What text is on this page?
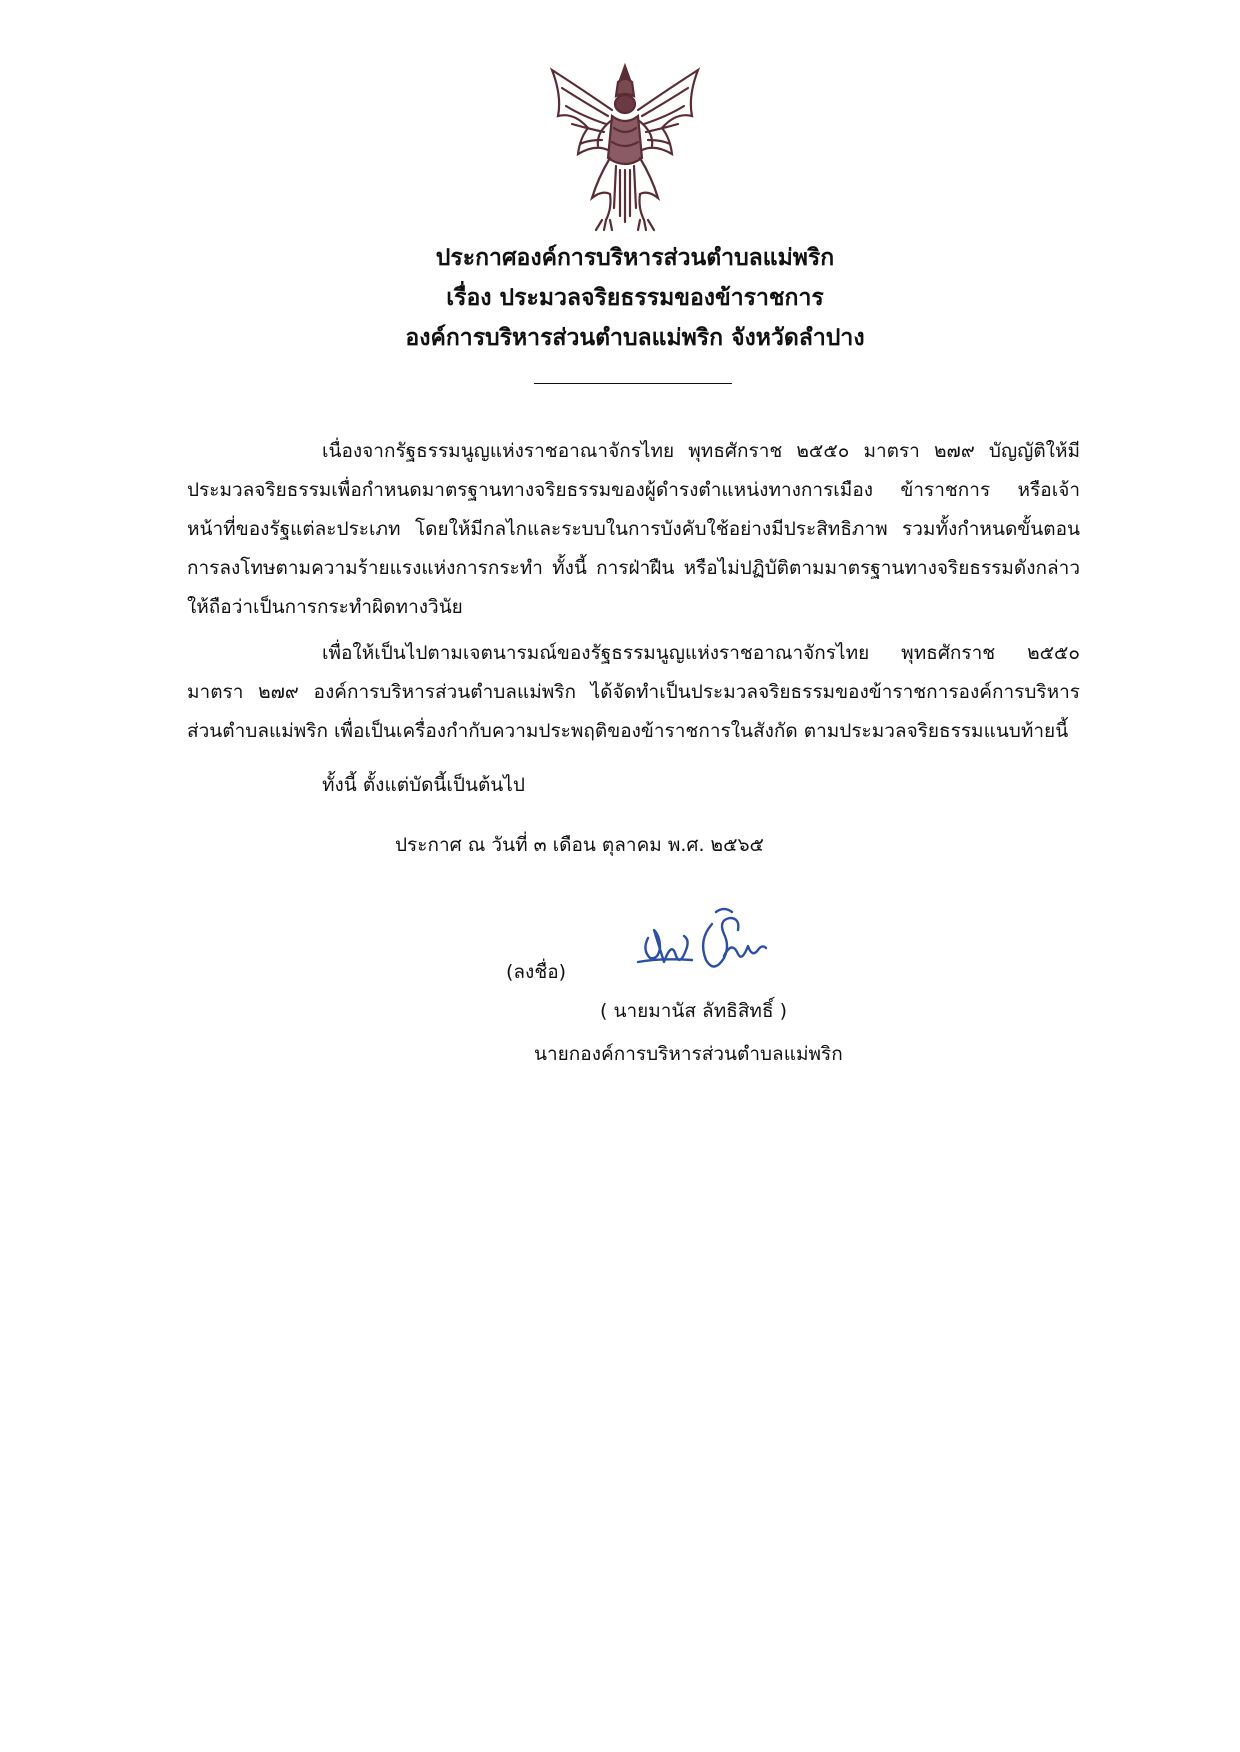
ประกาศองค์การบริหารส่วนตำบลแม่พริก
เรื่อง ประมวลจริยธรรมของข้าราชการ
องค์การบริหารส่วนตำบลแม่พริก จังหวัดลำปาง
เนื่องจากรัฐธรรมนูญแห่งราชอาณาจักรไทย พุทธศักราช ๒๕๕๐ มาตรา ๒๗๙ บัญญัติให้มีประมวลจริยธรรมเพื่อกำหนดมาตรฐานทางจริยธรรมของผู้ดำรงตำแหน่งทางการเมือง ข้าราชการ หรือเจ้าหน้าที่ของรัฐแต่ละประเภท โดยให้มีกลไกและระบบในการบังคับใช้อย่างมีประสิทธิภาพ รวมทั้งกำหนดขั้นตอนการลงโทษตามความร้ายแรงแห่งการกระทำ ทั้งนี้ การฝ่าฝืน หรือไม่ปฏิบัติตามมาตรฐานทางจริยธรรมดังกล่าว ให้ถือว่าเป็นการกระทำผิดทางวินัย
เพื่อให้เป็นไปตามเจตนารมณ์ของรัฐธรรมนูญแห่งราชอาณาจักรไทย พุทธศักราช ๒๕๕๐ มาตรา ๒๗๙ องค์การบริหารส่วนตำบลแม่พริก ได้จัดทำเป็นประมวลจริยธรรมของข้าราชการองค์การบริหารส่วนตำบลแม่พริก เพื่อเป็นเครื่องกำกับความประพฤติของข้าราชการในสังกัด ตามประมวลจริยธรรมแนบท้ายนี้
ทั้งนี้ ตั้งแต่บัดนี้เป็นต้นไป
ประกาศ ณ วันที่ ๓ เดือน ตุลาคม พ.ศ. ๒๕๖๕
(ลงชื่อ)
( นายมานัส ลัทธิสิทธิ์ )
นายกองค์การบริหารส่วนตำบลแม่พริก
